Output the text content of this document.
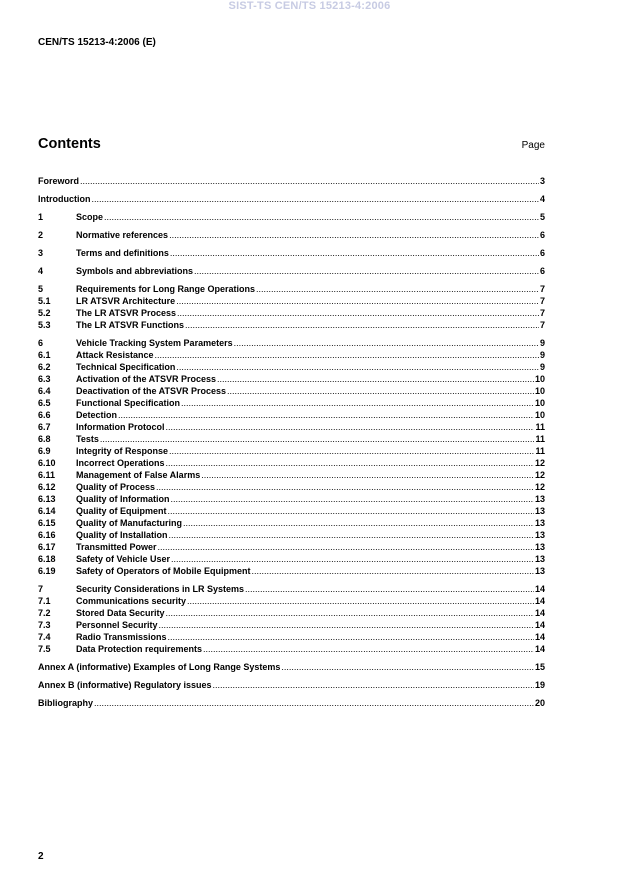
SIST-TS CEN/TS 15213-4:2006
CEN/TS 15213-4:2006 (E)
Contents	Page
Foreword .....	3
Introduction .....	4
1	Scope .....	5
2	Normative references .....	6
3	Terms and definitions .....	6
4	Symbols and abbreviations .....	6
5	Requirements for Long Range Operations .....	7
5.1	LR ATSVR Architecture .....	7
5.2	The LR ATSVR Process .....	7
5.3	The LR ATSVR Functions .....	7
6	Vehicle Tracking System Parameters .....	9
6.1	Attack Resistance .....	9
6.2	Technical Specification .....	9
6.3	Activation of the ATSVR Process .....	10
6.4	Deactivation of the ATSVR Process .....	10
6.5	Functional Specification .....	10
6.6	Detection .....	10
6.7	Information Protocol .....	11
6.8	Tests .....	11
6.9	Integrity of Response .....	11
6.10	Incorrect Operations .....	12
6.11	Management of False Alarms .....	12
6.12	Quality of Process .....	12
6.13	Quality of Information .....	13
6.14	Quality of Equipment .....	13
6.15	Quality of Manufacturing .....	13
6.16	Quality of Installation .....	13
6.17	Transmitted Power .....	13
6.18	Safety of Vehicle User .....	13
6.19	Safety of Operators of Mobile Equipment .....	13
7	Security Considerations in LR Systems .....	14
7.1	Communications security .....	14
7.2	Stored Data Security .....	14
7.3	Personnel Security .....	14
7.4	Radio Transmissions .....	14
7.5	Data Protection requirements .....	14
Annex A (informative) Examples of Long Range Systems .....	15
Annex B (informative) Regulatory issues .....	19
Bibliography .....	20
2
